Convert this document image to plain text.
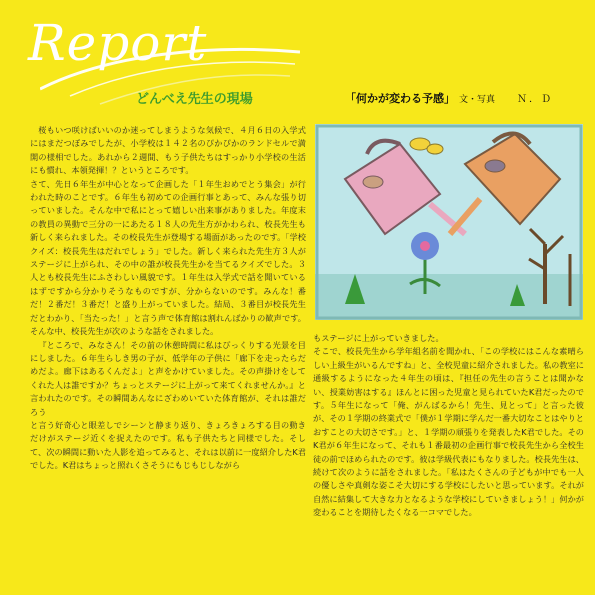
Report
どんべえ先生の現場	「何かが変わる予感」 文・写真 Ｎ．Ｄ

桜もいつ咲けばいいのか迷ってしまうような気候で、４月６日の入学式にはまだつぼみでしたが、小学校は１４２名のぴかぴかのランドセルで満開の様相でした。あれから２週間、もう子供たちはすっかり小学校の生活にも慣れ、本領発揮！？というところです。

さて、先日６年生が中心となって企画した「１年生おめでとう集会」が行われた時のことです。６年生も初めての企画行事とあって、みんな張り切っていました。そんな中で私にとって嬉しい出来事がありました。年度末の教員の異動で三分の一にあたる１８人の先生方がかわられ、校長先生も新しく来られました。その校長先生が登場する場面があったのです。「学校クイズ：校長先生はだれでしょう」でした。新しく来られた先生方３人がステージに上がられ、その中の誰が校長先生かを当てるクイズでした。３人とも校長先生にふさわしい風貌です。１年生は入学式で話を聞いているはずですから分かりそうなものですが、分からないのです。みんな！番だ！２番だ！３番だ！と盛り上がっていました。結局、３番目が校長先生だとわかり、「当たった！」と言う声で体育館は割れんばかりの歓声です。そんな中、校長先生が次のような話をされました。

『ところで、みなさん！その前の休憩時間に私はびっくりする光景を目にしました。６年生らしき男の子が、低学年の子供に「廊下を走ったらだめだよ。廊下はあるくんだよ」と声をかけていました。その声掛けをしてくれた人は誰ですか？ちょっとステージに上がって来てくれませんか。』と言われたのです。その瞬間あんなにざわめいていた体育館が、それは誰だろう

と言う好奇心と眼差しでシーンと静まり返り、きょろきょろする目の動きだけがステージ近くを捉えたのです。私も子供たちと同様でした。そして、次の瞬間に動いた人影を追ってみると、それは以前に一度紹介したK君でした。K君はちょっと照れくさそうにもじもじしながら

もステージに上がっていきました。

そこで、校長先生から学年組名前を聞かれ、「この学校にはこんな素晴らしい上級生がいるんですね」と、全校児童に紹介されました。私の教室に通級するようになった４年生の頃は、『担任の先生の言うことは聞かない、授業妨害はする』ほんとに困った児童と見られていたK君だったのです。５年生になって「俺、がんばるから！先生、見とって」と言った彼が、その１学期の終業式で「僕が１学期に学んだ一番大切なことはやりとおすことの大切さです。」と、１学期の頑張りを発表したK君でした。そのK君が６年生になって、それも１番最初の企画行事で校長先生から全校生徒の前でほめられたのです。彼は学級代表にもなりました。校長先生は、続けて次のように話をされました。「私はたくさんの子どもが中でも一人の優しさや真剣な姿こそ大切にする学校にしたいと思っています。それが自然に結集して大きな力となるような学校にしていきましょう！」何かが変わることを期待したくなる一コマでした。
